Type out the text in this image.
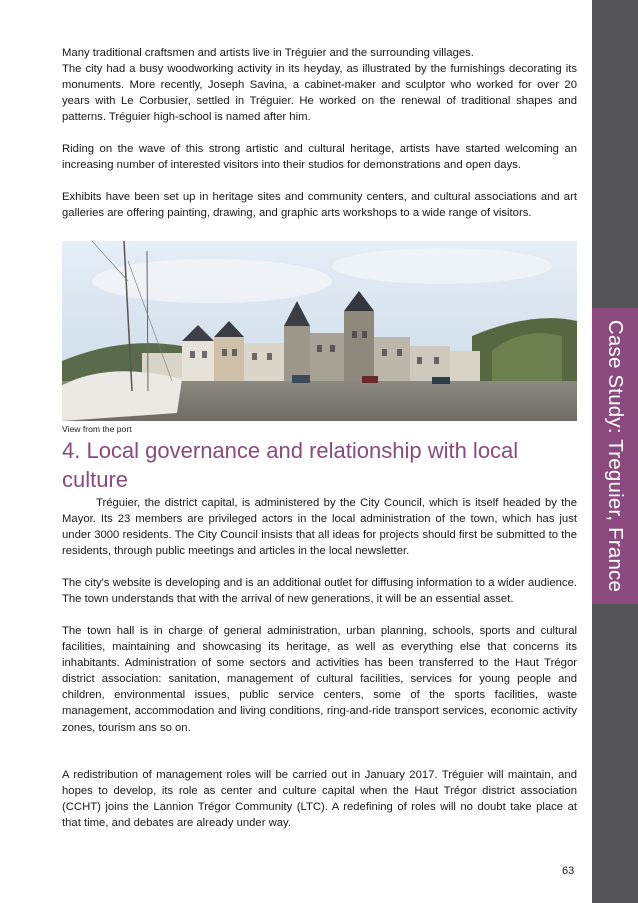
Case Study: Treguier, France

Many traditional craftsmen and artists live in Tréguier and the surrounding villages.

The city had a busy woodworking activity in its heyday, as illustrated by the furnishings decorating its monuments. More recently, Joseph Savina, a cabinet-maker and sculptor who worked for over 20 years with Le Corbusier, settled in Tréguier. He worked on the renewal of traditional shapes and patterns. Tréguier high-school is named after him.

Riding on the wave of this strong artistic and cultural heritage, artists have started welcoming an increasing number of interested visitors into their studios for demonstrations and open days.

Exhibits have been set up in heritage sites and community centers, and cultural associations and art galleries are offering painting, drawing, and graphic arts workshops to a wide range of visitors.

View from the port
4. Local governance and relationship with local culture

Tréguier, the district capital, is administered by the City Council, which is itself headed by the Mayor. Its 23 members are privileged actors in the local administration of the town, which has just under 3000 residents. The City Council insists that all ideas for projects should first be submitted to the residents, through public meetings and articles in the local newsletter.

The city's website is developing and is an additional outlet for diffusing information to a wider audience. The town understands that with the arrival of new generations, it will be an essential asset.

The town hall is in charge of general administration, urban planning, schools, sports and cultural facilities, maintaining and showcasing its heritage, as well as everything else that concerns its inhabitants. Administration of some sectors and activities has been transferred to the Haut Trégor district association: sanitation, management of cultural facilities, services for young people and children, environmental issues, public service centers, some of the sports facilities, waste management, accommodation and living conditions, ring-and-ride transport services, economic activity zones, tourism ans so on.

A redistribution of management roles will be carried out in January 2017. Tréguier will maintain, and hopes to develop, its role as center and culture capital when the Haut Trégor district association (CCHT) joins the Lannion Trégor Community (LTC). A redefining of roles will no doubt take place at that time, and debates are already under way.

63
